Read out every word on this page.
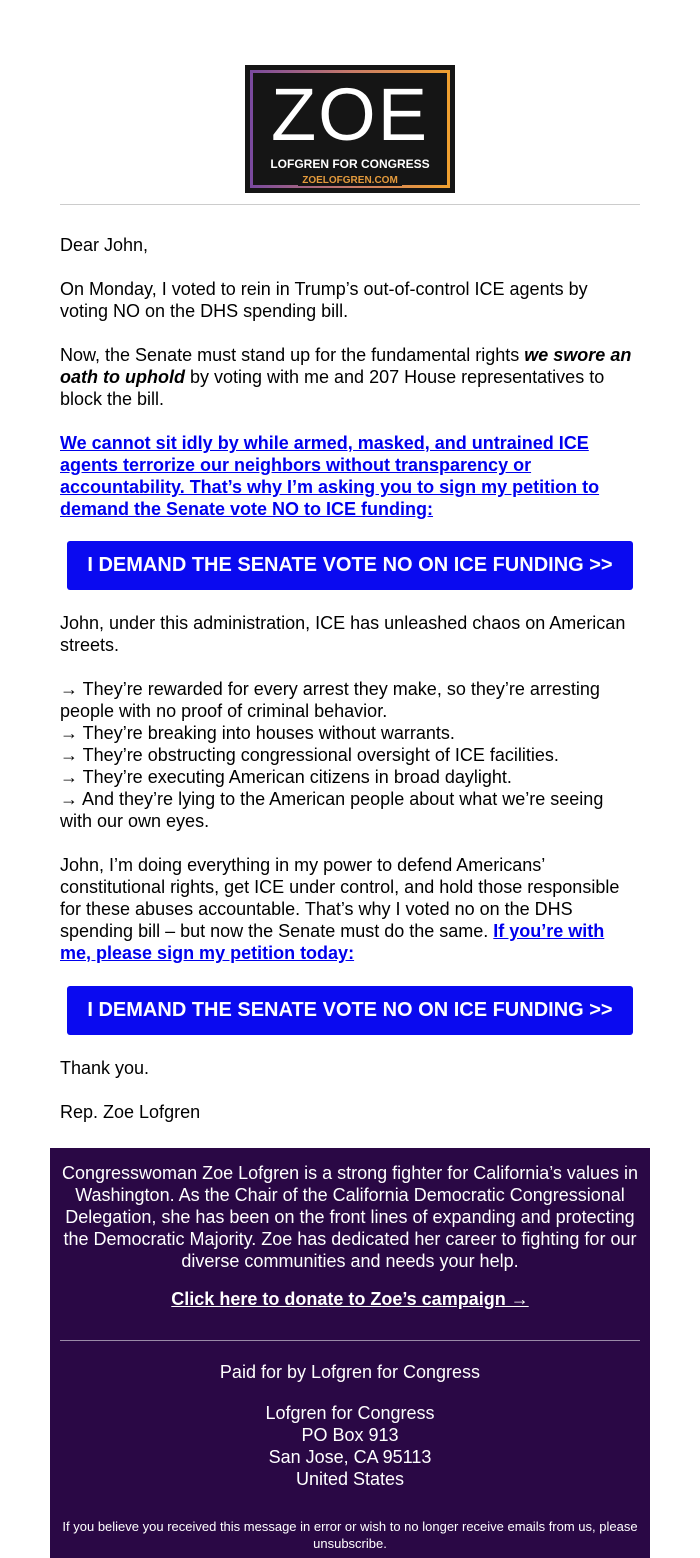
ZOE
LOFGREN FOR CONGRESS
ZOELOFGREN.COM

Dear John,

On Monday, I voted to rein in Trump’s out-of-control ICE agents by voting NO on the DHS spending bill.

Now, the Senate must stand up for the fundamental rights we swore an oath to uphold by voting with me and 207 House representatives to block the bill.

We cannot sit idly by while armed, masked, and untrained ICE agents terrorize our neighbors without transparency or accountability. That’s why I’m asking you to sign my petition to demand the Senate vote NO to ICE funding:

I DEMAND THE SENATE VOTE NO ON ICE FUNDING >>

John, under this administration, ICE has unleashed chaos on American streets.

→ They’re rewarded for every arrest they make, so they’re arresting people with no proof of criminal behavior.
→ They’re breaking into houses without warrants.
→ They’re obstructing congressional oversight of ICE facilities.
→ They’re executing American citizens in broad daylight.
→ And they’re lying to the American people about what we’re seeing with our own eyes.

John, I’m doing everything in my power to defend Americans’ constitutional rights, get ICE under control, and hold those responsible for these abuses accountable. That’s why I voted no on the DHS spending bill – but now the Senate must do the same. If you’re with me, please sign my petition today:

I DEMAND THE SENATE VOTE NO ON ICE FUNDING >>

Thank you.

Rep. Zoe Lofgren

Congresswoman Zoe Lofgren is a strong fighter for California’s values in Washington. As the Chair of the California Democratic Congressional Delegation, she has been on the front lines of expanding and protecting the Democratic Majority. Zoe has dedicated her career to fighting for our diverse communities and needs your help.
Click here to donate to Zoe’s campaign →
Paid for by Lofgren for Congress
Lofgren for Congress
PO Box 913
San Jose, CA 95113
United States
If you believe you received this message in error or wish to no longer receive emails from us, please unsubscribe.
